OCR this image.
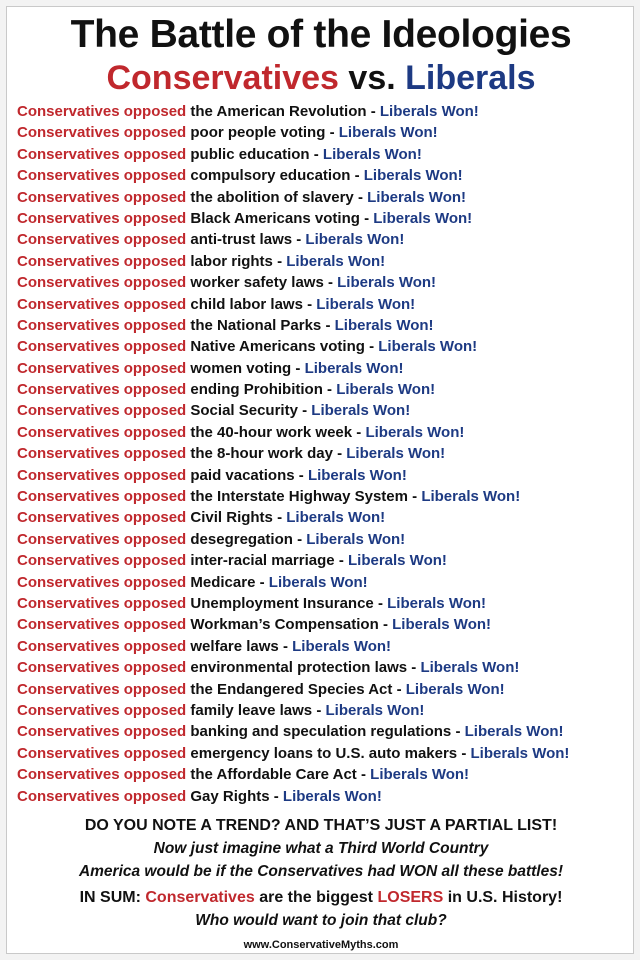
The Battle of the Ideologies
Conservatives vs. Liberals
Conservatives opposed the American Revolution - Liberals Won!
Conservatives opposed poor people voting - Liberals Won!
Conservatives opposed public education - Liberals Won!
Conservatives opposed compulsory education - Liberals Won!
Conservatives opposed the abolition of slavery - Liberals Won!
Conservatives opposed Black Americans voting - Liberals Won!
Conservatives opposed anti-trust laws - Liberals Won!
Conservatives opposed labor rights - Liberals Won!
Conservatives opposed worker safety laws - Liberals Won!
Conservatives opposed child labor laws - Liberals Won!
Conservatives opposed the National Parks - Liberals Won!
Conservatives opposed Native Americans voting - Liberals Won!
Conservatives opposed women voting - Liberals Won!
Conservatives opposed ending Prohibition - Liberals Won!
Conservatives opposed Social Security - Liberals Won!
Conservatives opposed the 40-hour work week - Liberals Won!
Conservatives opposed the 8-hour work day - Liberals Won!
Conservatives opposed paid vacations - Liberals Won!
Conservatives opposed the Interstate Highway System - Liberals Won!
Conservatives opposed Civil Rights - Liberals Won!
Conservatives opposed desegregation - Liberals Won!
Conservatives opposed inter-racial marriage - Liberals Won!
Conservatives opposed Medicare - Liberals Won!
Conservatives opposed Unemployment Insurance - Liberals Won!
Conservatives opposed Workman’s Compensation - Liberals Won!
Conservatives opposed welfare laws - Liberals Won!
Conservatives opposed environmental protection laws - Liberals Won!
Conservatives opposed the Endangered Species Act - Liberals Won!
Conservatives opposed family leave laws - Liberals Won!
Conservatives opposed banking and speculation regulations - Liberals Won!
Conservatives opposed emergency loans to U.S. auto makers - Liberals Won!
Conservatives opposed the Affordable Care Act - Liberals Won!
Conservatives opposed Gay Rights - Liberals Won!
DO YOU NOTE A TREND? AND THAT’S JUST A PARTIAL LIST!
Now just imagine what a Third World Country
America would be if the Conservatives had WON all these battles!
IN SUM: Conservatives are the biggest LOSERS in U.S. History!
Who would want to join that club?
www.ConservativeMyths.com
